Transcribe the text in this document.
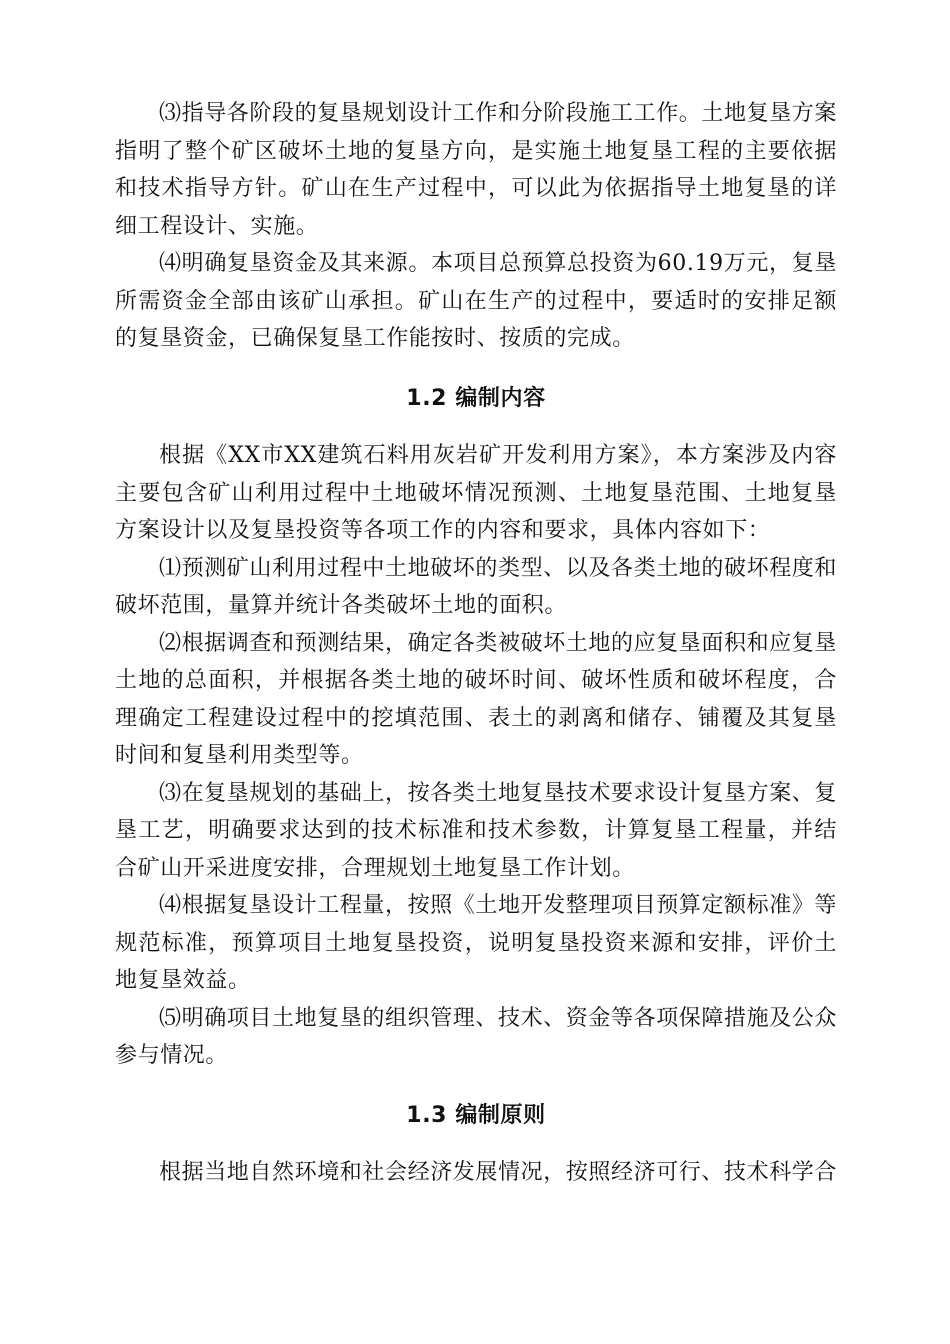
⑶指导各阶段的复垦规划设计工作和分阶段施工工作。土地复垦方案指明了整个矿区破坏土地的复垦方向，是实施土地复垦工程的主要依据和技术指导方针。矿山在生产过程中，可以此为依据指导土地复垦的详细工程设计、实施。

⑷明确复垦资金及其来源。本项目总预算总投资为60.19万元，复垦所需资金全部由该矿山承担。矿山在生产的过程中，要适时的安排足额的复垦资金，已确保复垦工作能按时、按质的完成。

1.2 编制内容

根据《XX市XX建筑石料用灰岩矿开发利用方案》，本方案涉及内容主要包含矿山利用过程中土地破坏情况预测、土地复垦范围、土地复垦方案设计以及复垦投资等各项工作的内容和要求，具体内容如下：

⑴预测矿山利用过程中土地破坏的类型、以及各类土地的破坏程度和破坏范围，量算并统计各类破坏土地的面积。

⑵根据调查和预测结果，确定各类被破坏土地的应复垦面积和应复垦土地的总面积，并根据各类土地的破坏时间、破坏性质和破坏程度，合理确定工程建设过程中的挖填范围、表土的剥离和储存、铺覆及其复垦时间和复垦利用类型等。

⑶在复垦规划的基础上，按各类土地复垦技术要求设计复垦方案、复垦工艺，明确要求达到的技术标准和技术参数，计算复垦工程量，并结合矿山开采进度安排，合理规划土地复垦工作计划。

⑷根据复垦设计工程量，按照《土地开发整理项目预算定额标准》等规范标准，预算项目土地复垦投资，说明复垦投资来源和安排，评价土地复垦效益。

⑸明确项目土地复垦的组织管理、技术、资金等各项保障措施及公众参与情况。

1.3 编制原则

根据当地自然环境和社会经济发展情况，按照经济可行、技术科学合
